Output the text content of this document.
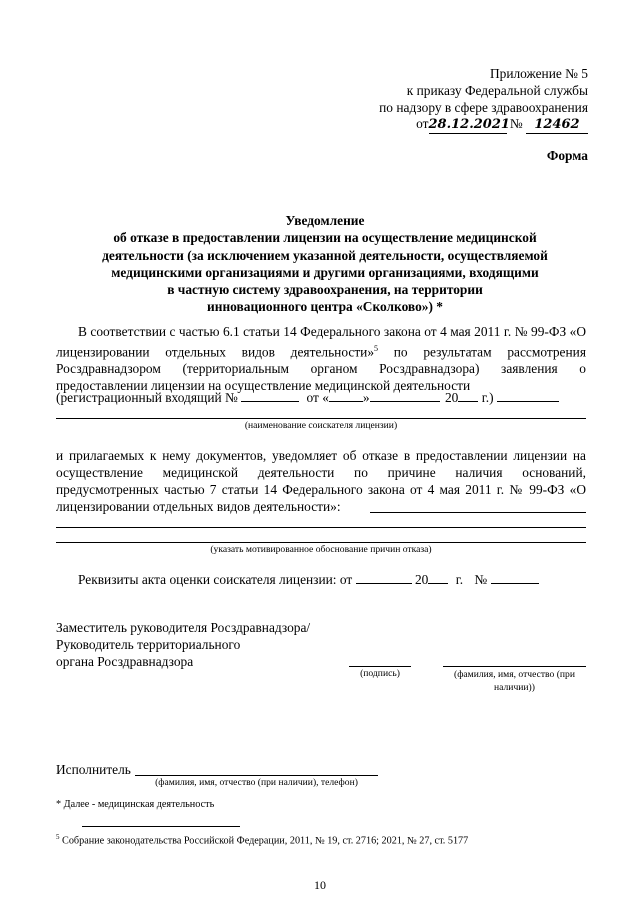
Приложение № 5
к приказу Федеральной службы
по надзору в сфере здравоохранения
от28.12.2021 № 12462
Форма
Уведомление
об отказе в предоставлении лицензии на осуществление медицинской
деятельности (за исключением указанной деятельности, осуществляемой
медицинскими организациями и другими организациями, входящими
в частную систему здравоохранения, на территории
инновационного центра «Сколково») *
В соответствии с частью 6.1 статьи 14 Федерального закона от 4 мая 2011 г. № 99-ФЗ «О лицензировании отдельных видов деятельности»$^5$ по результатам рассмотрения Росздравнадзором (территориальным органом Росздравнадзора) заявления о предоставлении лицензии на осуществление медицинской деятельности
(регистрационный входящий №	от «	»	20 г.)
(наименование соискателя лицензии)
и прилагаемых к нему документов, уведомляет об отказе в предоставлении лицензии на осуществление медицинской деятельности по причине наличия оснований, предусмотренных частью 7 статьи 14 Федерального закона от 4 мая 2011 г. № 99-ФЗ «О лицензировании отдельных видов деятельности»:
(указать мотивированное обоснование причин отказа)
Реквизиты акта оценки соискателя лицензии: от	20 г. №
Заместитель руководителя Росздравнадзора/
Руководитель территориального
органа Росздравнадзора
(подпись)	(фамилия, имя, отчество (при наличии))
Исполнитель
(фамилия, имя, отчество (при наличии), телефон)
* Далее - медицинская деятельность
$^5$ Собрание законодательства Российской Федерации, 2011, № 19, ст. 2716; 2021, № 27, ст. 5177
10
